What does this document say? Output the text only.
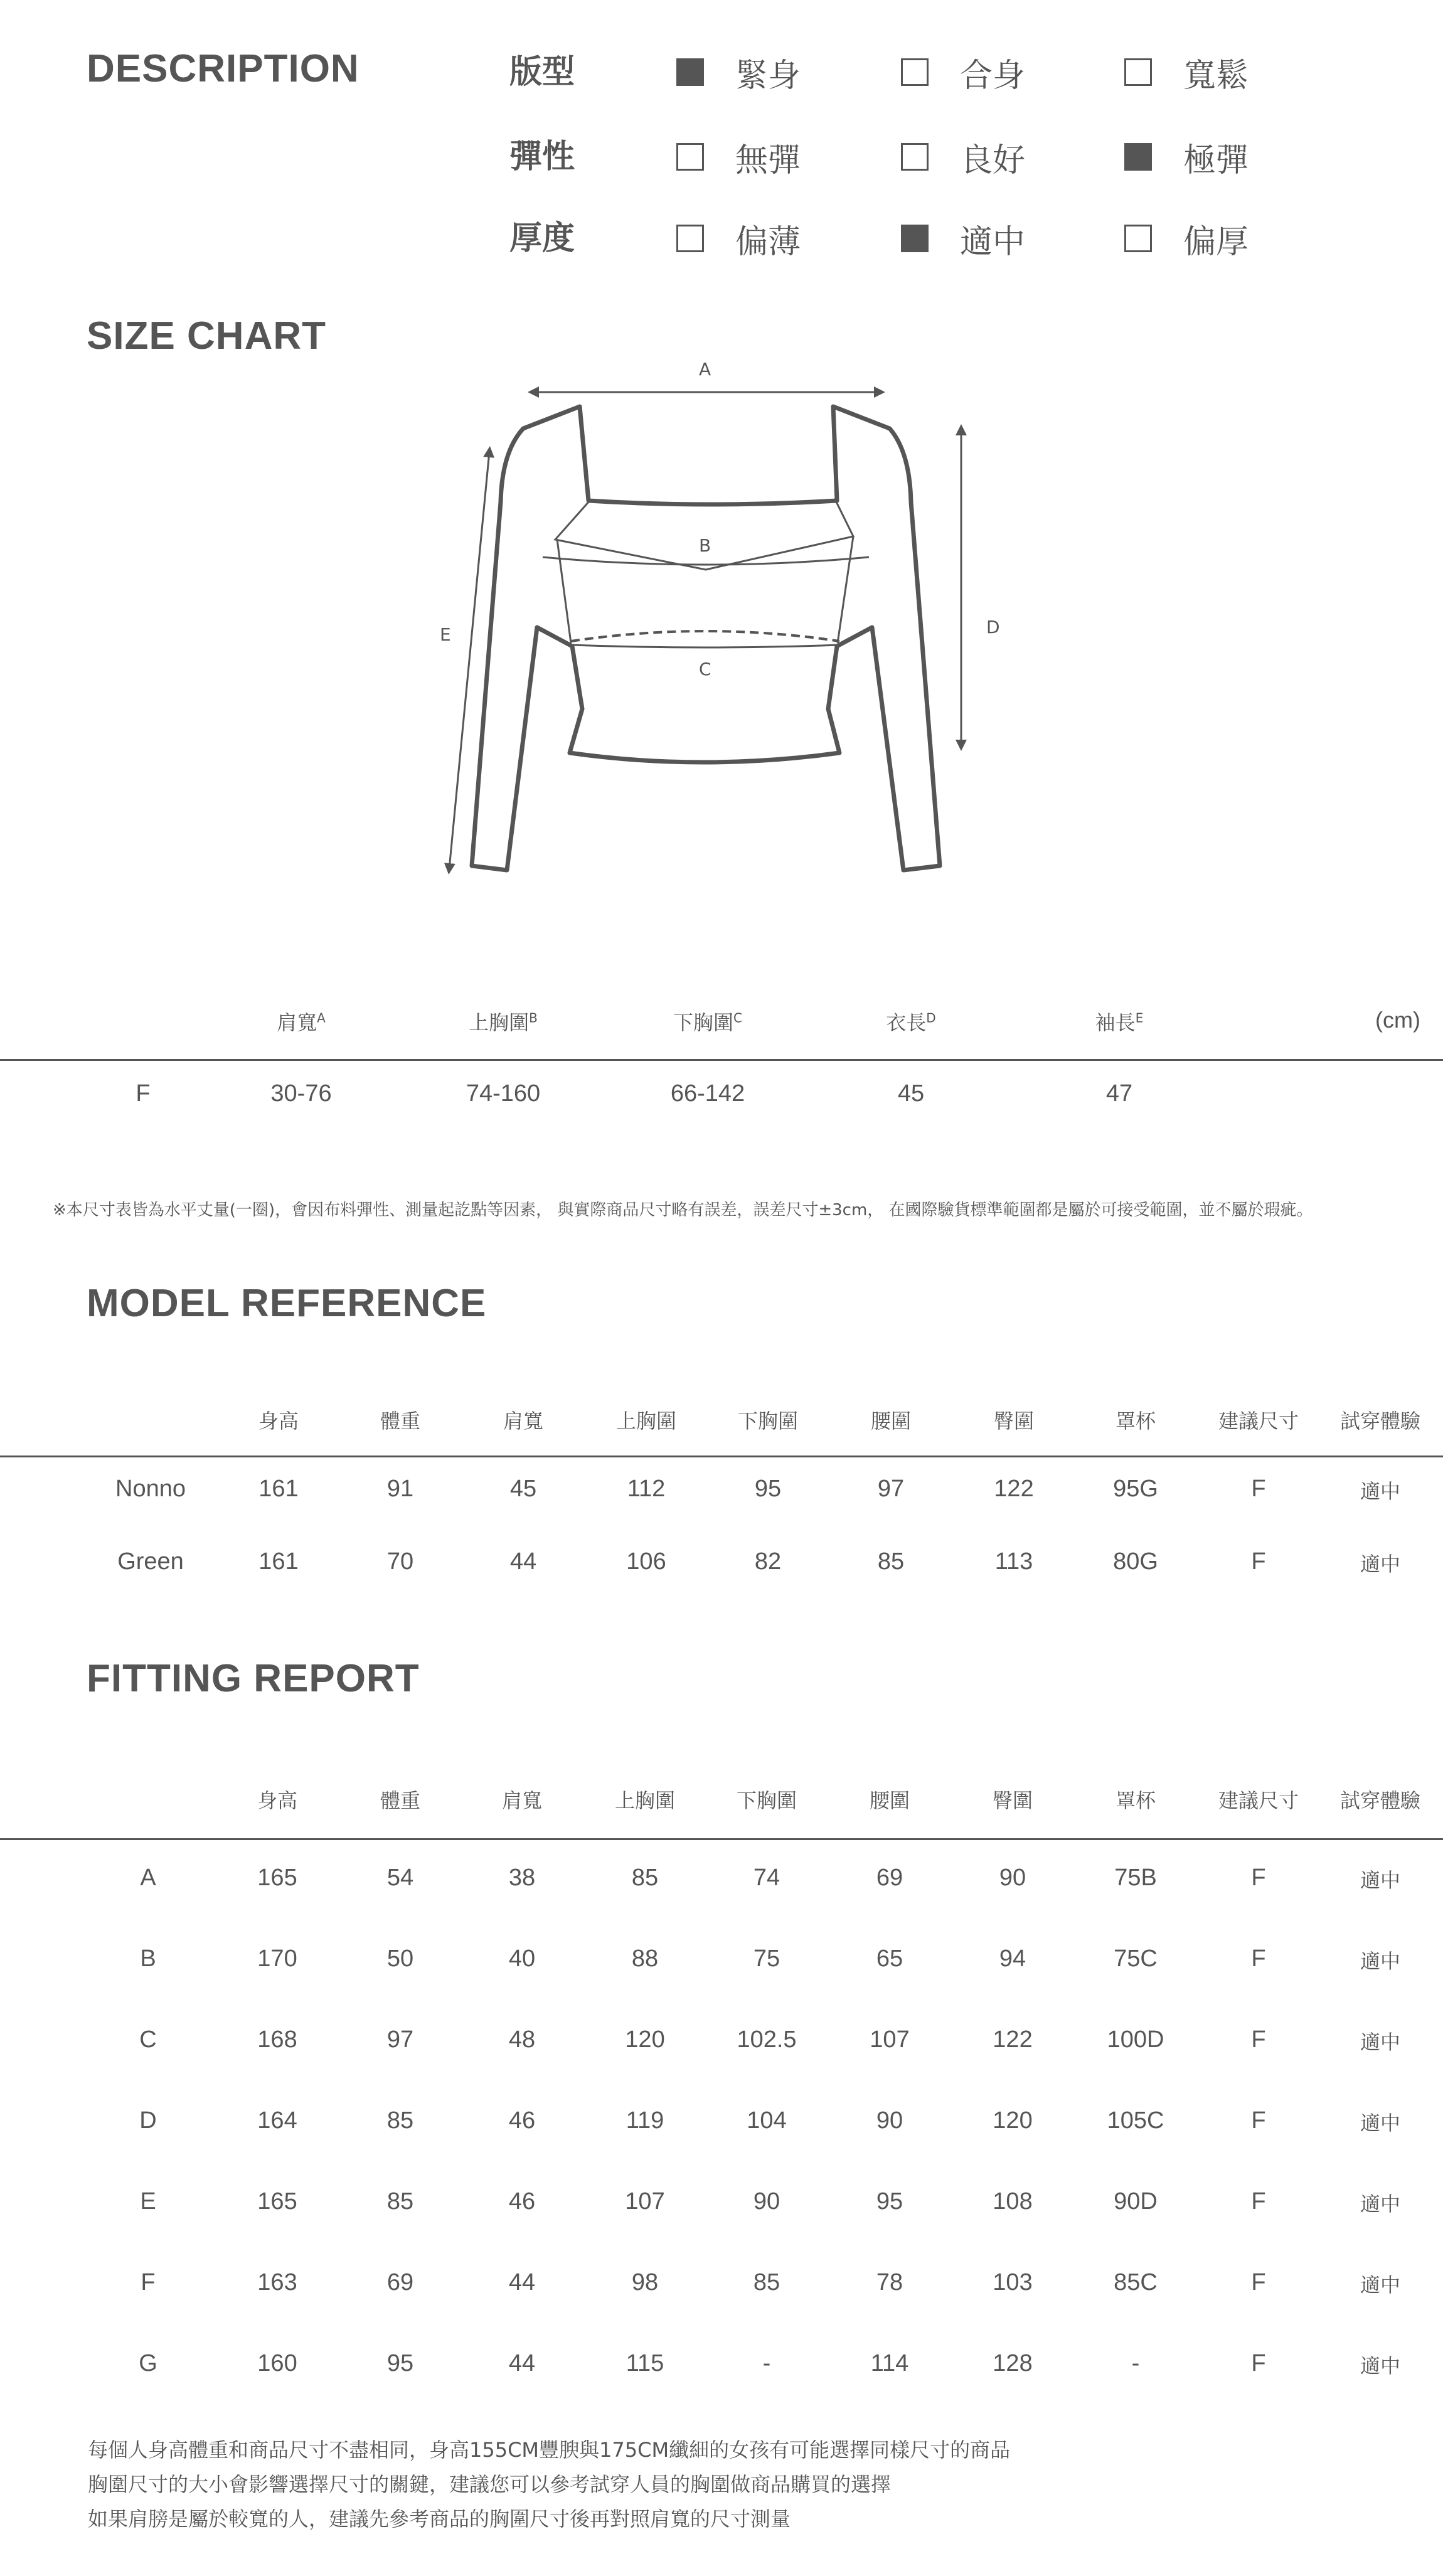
DESCRIPTION	版型	緊身	合身	寬鬆
彈性	無彈	良好	極彈
厚度	偏薄	適中	偏厚
SIZE CHART
A
B
C
D
E
肩寬$^A$	上胸圍$^B$	下胸圍$^C$	衣長$^D$	袖長$^E$	(cm)
F	30-76	74-160	66-142	45	47
※本尺寸表皆為水平丈量(一圈)，會因布料彈性、測量起訖點等因素， 與實際商品尺寸略有誤差，誤差尺寸±3cm， 在國際驗貨標準範圍都是屬於可接受範圍，並不屬於瑕疵。
MODEL REFERENCE
身高	體重	肩寬	上胸圍	下胸圍	腰圍	臀圍	罩杯	建議尺寸 試穿體驗
Nonno	161	91	45	112	95	97	122	95G	F	適中
Green	161	70	44	106	82	85	113	80G	F	適中
FITTING REPORT
身高	體重	肩寬	上胸圍	下胸圍	腰圍	臀圍	罩杯	建議尺寸 試穿體驗
A	165	54	38	85	74	69	90	75B	F	適中
B	170	50	40	88	75	65	94	75C	F	適中
C	168	97	48	120	102.5	107	122	100D	F	適中
D	164	85	46	119	104	90	120	105C	F	適中
E	165	85	46	107	90	95	108	90D	F	適中
F	163	69	44	98	85	78	103	85C	F	適中
G	160	95	44	115	-	114	128	-	F	適中
每個人身高體重和商品尺寸不盡相同，身高155CM豐腴與175CM纖細的女孩有可能選擇同樣尺寸的商品
胸圍尺寸的大小會影響選擇尺寸的關鍵，建議您可以參考試穿人員的胸圍做商品購買的選擇
如果肩膀是屬於較寬的人，建議先參考商品的胸圍尺寸後再對照肩寬的尺寸測量
